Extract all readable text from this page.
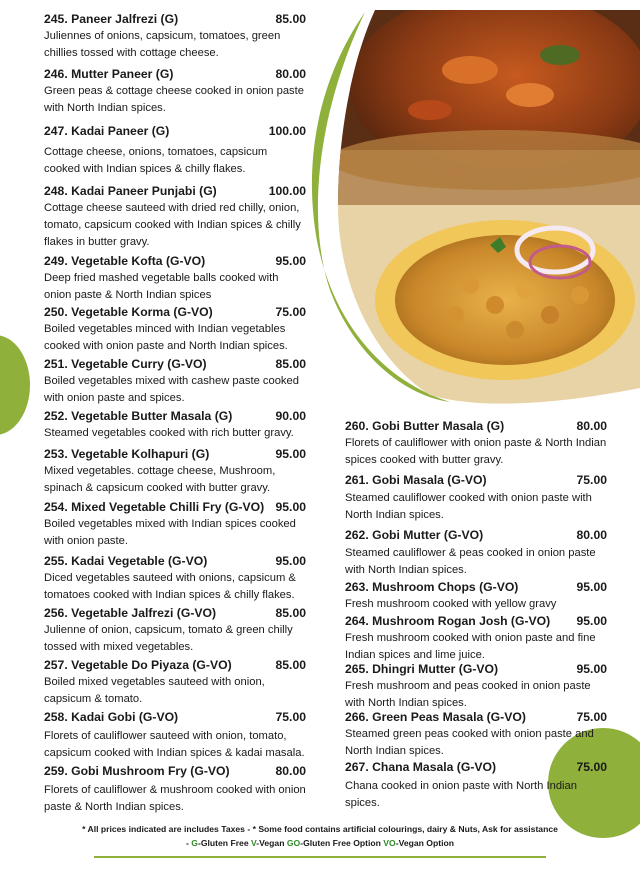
245. Paneer Jalfrezi (G)	85.00
Juliennes of onions, capsicum, tomatoes, green chillies tossed with cottage cheese.
246. Mutter Paneer (G)	80.00
Green peas & cottage cheese cooked in onion paste with North Indian spices.
247. Kadai Paneer (G)	100.00
Cottage cheese, onions, tomatoes, capsicum cooked with Indian spices & chilly flakes.
248. Kadai Paneer Punjabi (G)	100.00
Cottage cheese sauteed with dried red chilly, onion, tomato, capsicum cooked with Indian spices & chilly flakes in butter gravy.
249. Vegetable Kofta (G-VO)	95.00
Deep fried mashed vegetable balls cooked with onion paste & North Indian spices
250. Vegetable Korma (G-VO)	75.00
Boiled vegetables minced with Indian vegetables cooked with onion paste and North Indian spices.
251. Vegetable Curry (G-VO)	85.00
Boiled vegetables mixed with cashew paste cooked with onion paste and spices.
252. Vegetable Butter Masala (G)	90.00
Steamed vegetables cooked with rich butter gravy.
253. Vegetable Kolhapuri (G)	95.00
Mixed vegetables. cottage cheese, Mushroom, spinach & capsicum cooked with butter gravy.
254. Mixed Vegetable Chilli Fry (G-VO) 95.00
Boiled vegetables mixed with Indian spices cooked with onion paste.
255. Kadai Vegetable (G-VO)	95.00
Diced vegetables sauteed with onions, capsicum & tomatoes cooked with Indian spices & chilly flakes.
256. Vegetable Jalfrezi (G-VO)	85.00
Julienne of onion, capsicum, tomato & green chilly tossed with mixed vegetables.
257. Vegetable Do Piyaza (G-VO)	85.00
Boiled mixed vegetables sauteed with onion, capsicum & tomato.
258. Kadai Gobi (G-VO)	75.00
Florets of cauliflower sauteed with onion, tomato, capsicum cooked with Indian spices & kadai masala.
259. Gobi Mushroom Fry (G-VO)	80.00
Florets of cauliflower & mushroom cooked with onion paste & North Indian spices.
260. Gobi Butter Masala (G)	80.00
Florets of cauliflower with onion paste & North Indian spices cooked with butter gravy.
261. Gobi Masala (G-VO)	75.00
Steamed cauliflower cooked with onion paste with North Indian spices.
262. Gobi Mutter (G-VO)	80.00
Steamed cauliflower & peas cooked in onion paste with North Indian spices.
263. Mushroom Chops (G-VO)	95.00
Fresh mushroom cooked with yellow gravy
264. Mushroom Rogan Josh (G-VO) 95.00
Fresh mushroom cooked with onion paste and fine Indian spices and lime juice.
265. Dhingri Mutter (G-VO)	95.00
Fresh mushroom and peas cooked in onion paste with North Indian spices.
266. Green Peas Masala (G-VO)	75.00
Steamed green peas cooked with onion paste and North Indian spices.
267. Chana Masala (G-VO)	75.00
Chana cooked in onion paste with North Indian spices.
* All prices indicated are includes Taxes - * Some food contains artificial colourings, dairy & Nuts, Ask for assistance
- G-Gluten Free V-Vegan GO-Gluten Free Option VO-Vegan Option
